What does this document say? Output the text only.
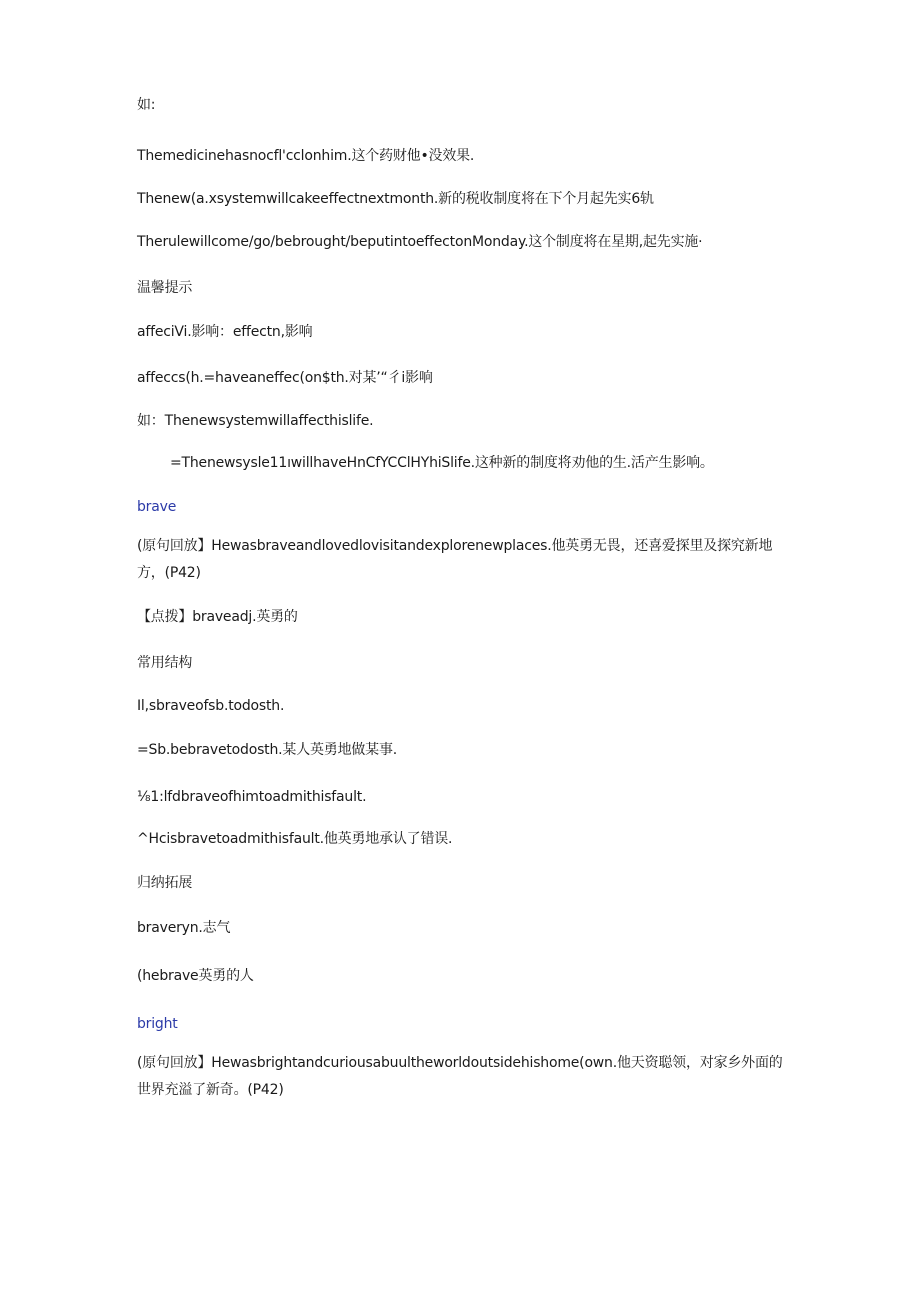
如:
Themedicinehasnocfl'cclonhim.这个药财他•没效果.
Thenew(a.xsystemwillcakeeffectnextmonth.新的税收制度将在下个月起先实6轨
Therulewillcome/go/bebrought/beputintoeffectonMonday.这个制度将在星期,起先实施·
温馨提示
affeciVi.影响：effectn,影响
affeccs(h.=haveaneffec(on$th.对某’“彳i影响
如：Thenewsystemwillaffecthislife.
=Thenewsysle11ıwillhaveHnCfYCClHYhiSlife.这种新的制度将劝他的生.活产生影响。
brave
(原句回放】Hewasbraveandlovedlovisitandexplorenewplaces.他英勇无畏，还喜爱探里及探究新地方，(P42)
【点拨】braveadj.英勇的
常用结构
Il,sbraveofsb.todosth.
=Sb.bebravetodosth.某人英勇地做某事.
⅛1:lfdbraveofhimtoadmithisfault.
^Hcisbravetoadmithisfault.他英勇地承认了错误.
归纳拓展
braveryn.志气
(hebrave英勇的人
bright
(原句回放】Hewasbrightandcuriousabuultheworldoutsidehishome(own.他天资聪领，对家乡外面的世界充溢了新奇。(P42)
